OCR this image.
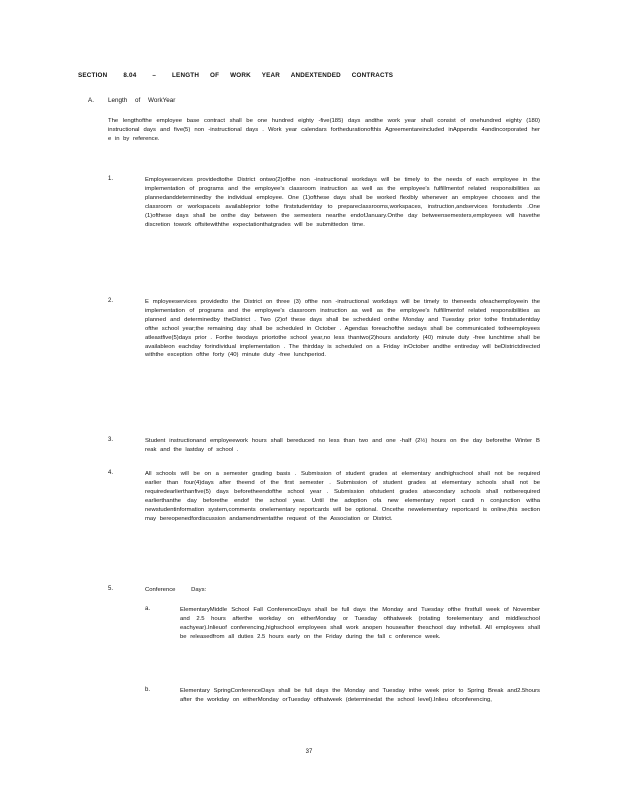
SECTION	8.04	–	LENGTH OF WORK YEAR ANDEXTENDED CONTRACTS
A. Length of WorkYear
The lengthofthe employee base contract shall be one hundred eighty -five(185) days andthe work year shall consist of onehundred eighty (180) instructional days and five(5) non -instructional days . Work year calendars forthedurationofthis Agreementareincluded inAppendix 4andincorporated her e in by reference.
1.	Employeeservices providedtothe District ontwo(2)ofthe non -instructional workdays will be timely to the needs of each employee in the implementation of programs and the employee's classroom instruction as well as the employee's fulfillmentof related responsibilities as plannedanddeterminedby the individual employee. One (1)ofthese days shall be worked flexibly whenever an employee chooses and the classroom or workspaceis availableprior tothe firststudentday to prepareclassrooms,workspaces, instruction,andservices forstudents .One (1)ofthese days shall be onthe day between the semesters nearthe endofJanuary.Onthe day betweensemesters,employees will havethe discretion towork offsitewiththe expectationthatgrades will be submittedon time.
2.	E mployeeservices providedto the District on three (3) ofthe non -instructional workdays will be timely to theneeds ofeachemployeein the implementation of programs and the employee's classroom instruction as well as the employee's fulfillmentof related responsibilities as planned and determinedby theDistrict . Two (2)of these days shall be scheduled onthe Monday and Tuesday prior tothe firststudentday ofthe school year;the remaining day shall be scheduled in October . Agendas foreachofthe sedays shall be communicated totheemployees atleastfive(5)days prior . Forthe twodays priortothe school year,no less thantwo(2)hours andaforty (40) minute duty -free lunchtime shall be availableon eachday forindividual implementation . The thirdday is scheduled on a Friday inOctober andthe entireday will beDistrictdirected withthe exception ofthe forty (40) minute duty -free lunchperiod.
3.	Student instructionand employeework hours shall bereduced no less than two and one -half (2½) hours on the day beforethe Winter B reak and the lastday of school .
4.	All schools will be on a semester grading basis . Submission of student grades at elementary andhighschool shall not be required earlier than four(4)days after theend of the first semester . Submission of student grades at elementary schools shall not be requiredearlierthanfive(5) days beforetheendofthe school year . Submission ofstudent grades atsecondary schools shall notberequired earlierthanthe day beforethe endof the school year. Until the adoption ofa new elementary report cardi n conjunction witha newstudentinformation system,comments onelementary reportcards will be optional. Oncethe newelementary reportcard is online,this section may bereopenedfordiscussion andamendmentatthe request of the Association or District.
5.	Conference Days:
a.	ElementaryMiddle School Fall ConferenceDays shall be full days the Monday and Tuesday ofthe firstfull week of November and 2.5 hours afterthe workday on eitherMonday or Tuesday ofthatweek (rotating forelementary and middleschool eachyear).Inlieuof conferencing,highschool employees shall work anopen houseafter theschool day inthefall. All employees shall be releasedfrom all duties 2.5 hours early on the Friday during the fall c onference week.
b.	Elementary SpringConferenceDays shall be full days the Monday and Tuesday inthe week prior to Spring Break and2.5hours after the workday on eitherMonday orTuesday ofthatweek (determinedat the school level).Inlieu ofconferencing,
37
